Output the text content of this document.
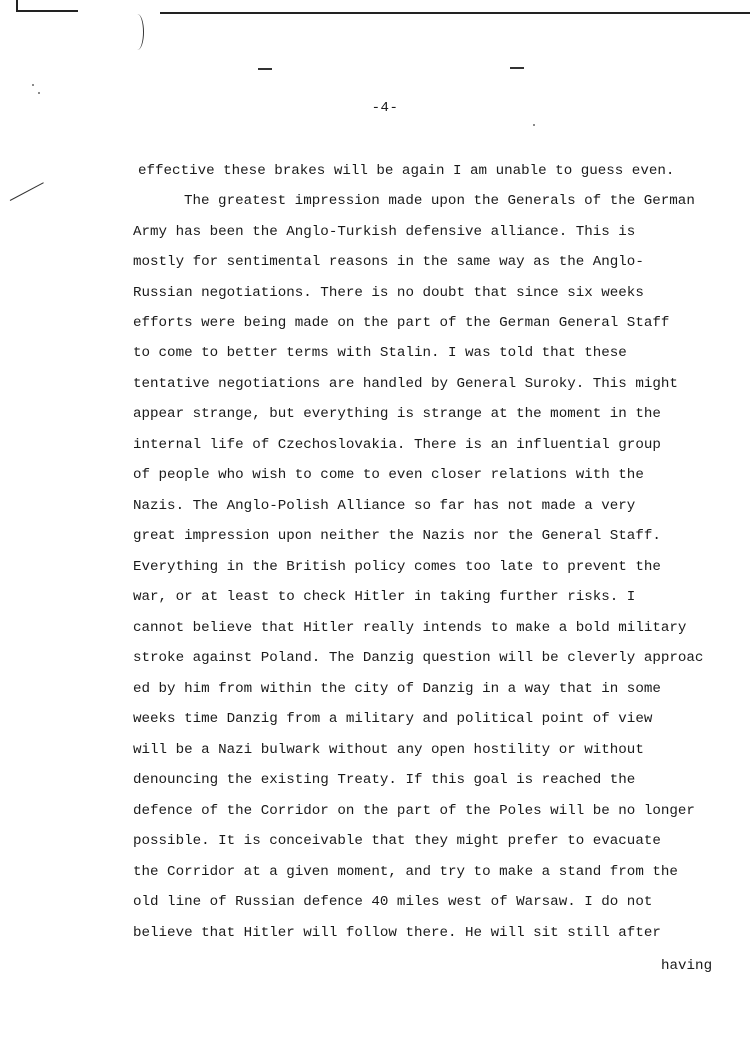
-4-
effective these brakes will be again I am unable to guess even.
The greatest impression made upon the Generals of the German
Army has been the Anglo-Turkish defensive alliance. This is
mostly for sentimental reasons in the same way as the Anglo-
Russian negotiations. There is no doubt that since six weeks
efforts were being made on the part of the German General Staff
to come to better terms with Stalin. I was told that these
tentative negotiations are handled by General Suroky. This might
appear strange, but everything is strange at the moment in the
internal life of Czechoslovakia. There is an influential group
of people who wish to come to even closer relations with the
Nazis. The Anglo-Polish Alliance so far has not made a very
great impression upon neither the Nazis nor the General Staff.
Everything in the British policy comes too late to prevent the
war, or at least to check Hitler in taking further risks. I
cannot believe that Hitler really intends to make a bold military
stroke against Poland. The Danzig question will be cleverly approac
ed by him from within the city of Danzig in a way that in some
weeks time Danzig from a military and political point of view
will be a Nazi bulwark without any open hostility or without
denouncing the existing Treaty. If this goal is reached the
defence of the Corridor on the part of the Poles will be no longer
possible. It is conceivable that they might prefer to evacuate
the Corridor at a given moment, and try to make a stand from the
old line of Russian defence 40 miles west of Warsaw. I do not
believe that Hitler will follow there. He will sit still after
having
